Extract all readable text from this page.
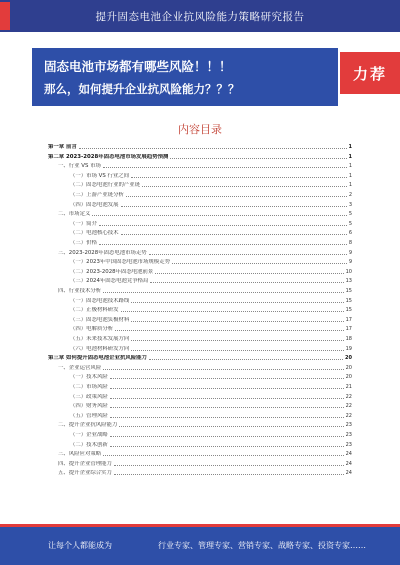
提升固态电池企业抗风险能力策略研究报告
固态电池市场都有哪些风险！！！
那么，如何提升企业抗风险能力？？？
力荐
内容目录
第一章 前言	1
第二章 2023-2028年固态电池市场发展趋势预测	1
一、行业 VS 市场	1
（一）市场 VS 行业之间	1
（二）固态电池行业的产业链	1
（三）上游产业链分析	2
（四）固态电池发展	3
二、市场定义	5
（一）简介	5
（二）电池核心技术	6
（三）价格	8
三、2023-2028年固态电池市场走势	9
（一）2023年中国固态电池市场规模走势	9
（二）2023-2028年固态电池前景	10
（三）2024年固态电池竞争格局	13
四、行业技术分析	15
（一）固态电池技术路线	15
（二）正极材料研发	15
（三）固态电池负极材料	17
（四）电解质分析	17
（五）未来技术发展方向	18
（六）电池材料研发方向	19
第三章 如何提升固态电池企业抗风险能力	20
一、企业运营风险	20
（一）技术风险	20
（二）市场风险	21
（三）政策风险	22
（四）财务风险	22
（五）管理风险	22
二、提升企业抗风险能力	23
（一）企业战略	23
（二）技术创新	23
三、风险应对策略	24
四、提升企业管理能力	24
五、提升企业综合实力	24
让每个人都能成为	行业专家、管理专家、营销专家、战略专家、投资专家……
